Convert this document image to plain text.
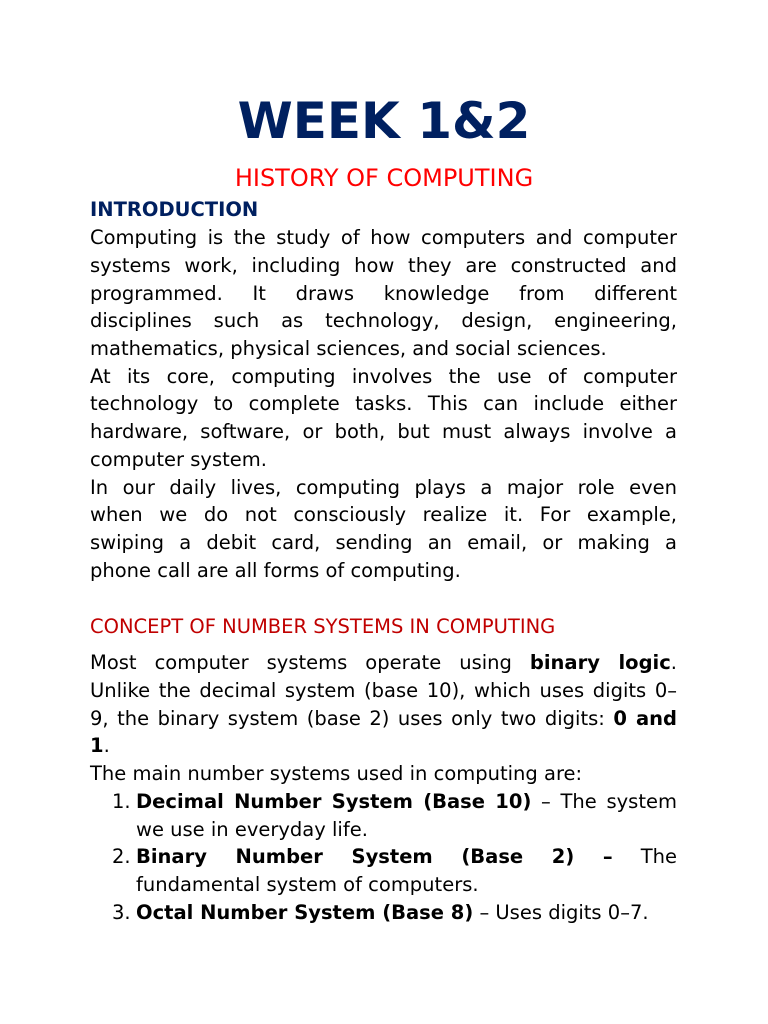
WEEK 1&2
HISTORY OF COMPUTING
INTRODUCTION
Computing is the study of how computers and computer
systems work, including how they are constructed and
programmed. It draws knowledge from different
disciplines such as technology, design, engineering,
mathematics, physical sciences, and social sciences.
At its core, computing involves the use of computer
technology to complete tasks. This can include either
hardware, software, or both, but must always involve a
computer system.
In our daily lives, computing plays a major role even
when we do not consciously realize it. For example,
swiping a debit card, sending an email, or making a
phone call are all forms of computing.
CONCEPT OF NUMBER SYSTEMS IN COMPUTING
Most computer systems operate using binary logic.
Unlike the decimal system (base 10), which uses digits 0–
9, the binary system (base 2) uses only two digits: 0 and
1.
The main number systems used in computing are:
1. Decimal Number System (Base 10) – The system
we use in everyday life.
2. Binary Number System (Base 2) – The
fundamental system of computers.
3. Octal Number System (Base 8) – Uses digits 0–7.
